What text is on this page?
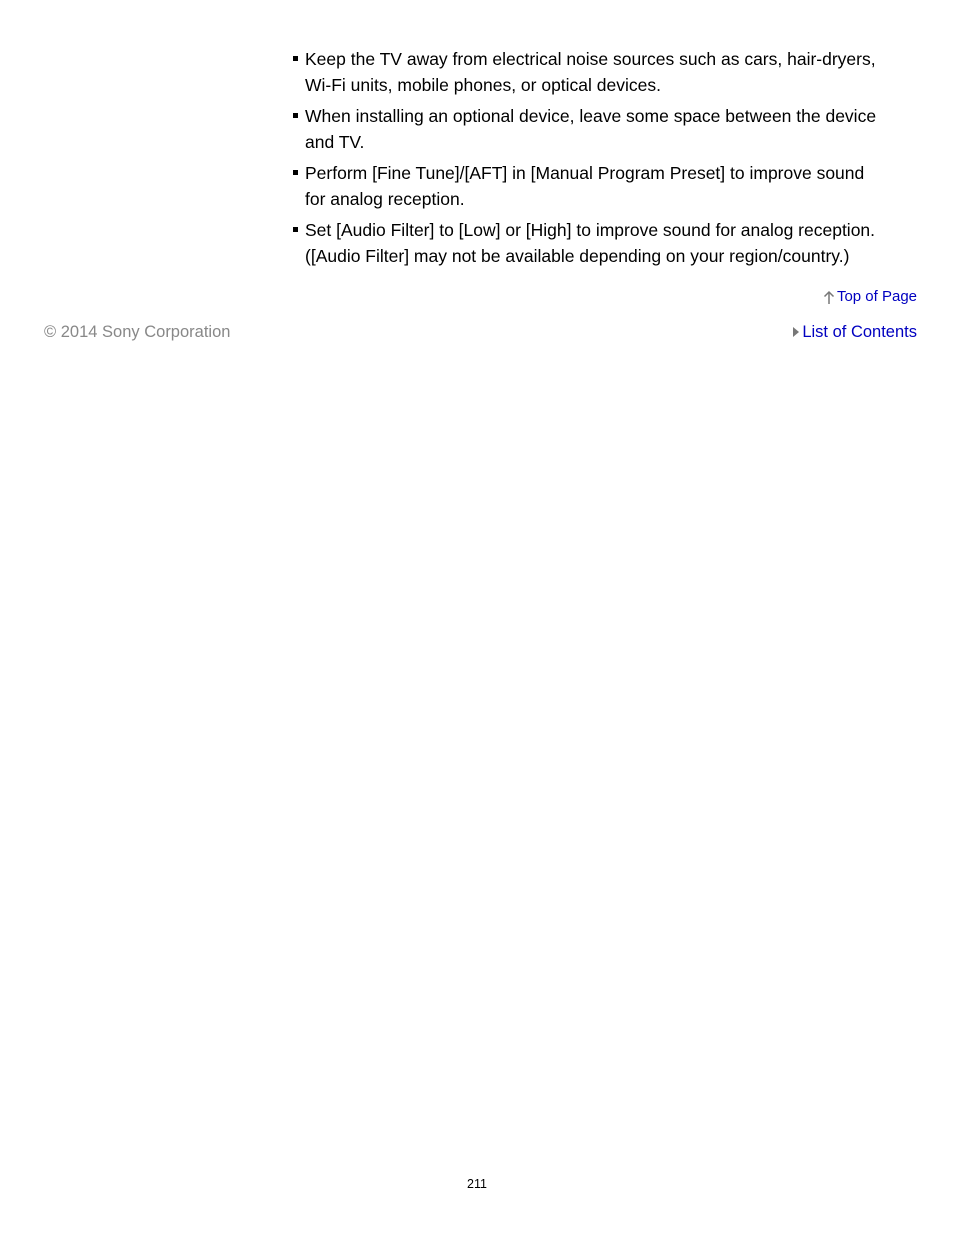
Keep the TV away from electrical noise sources such as cars, hair-dryers,
Wi-Fi units, mobile phones, or optical devices.
When installing an optional device, leave some space between the device
and TV.
Perform [Fine Tune]/[AFT] in [Manual Program Preset] to improve sound
for analog reception.
Set [Audio Filter] to [Low] or [High] to improve sound for analog reception.
([Audio Filter] may not be available depending on your region/country.)
Top of Page
© 2014 Sony Corporation	List of Contents
211
